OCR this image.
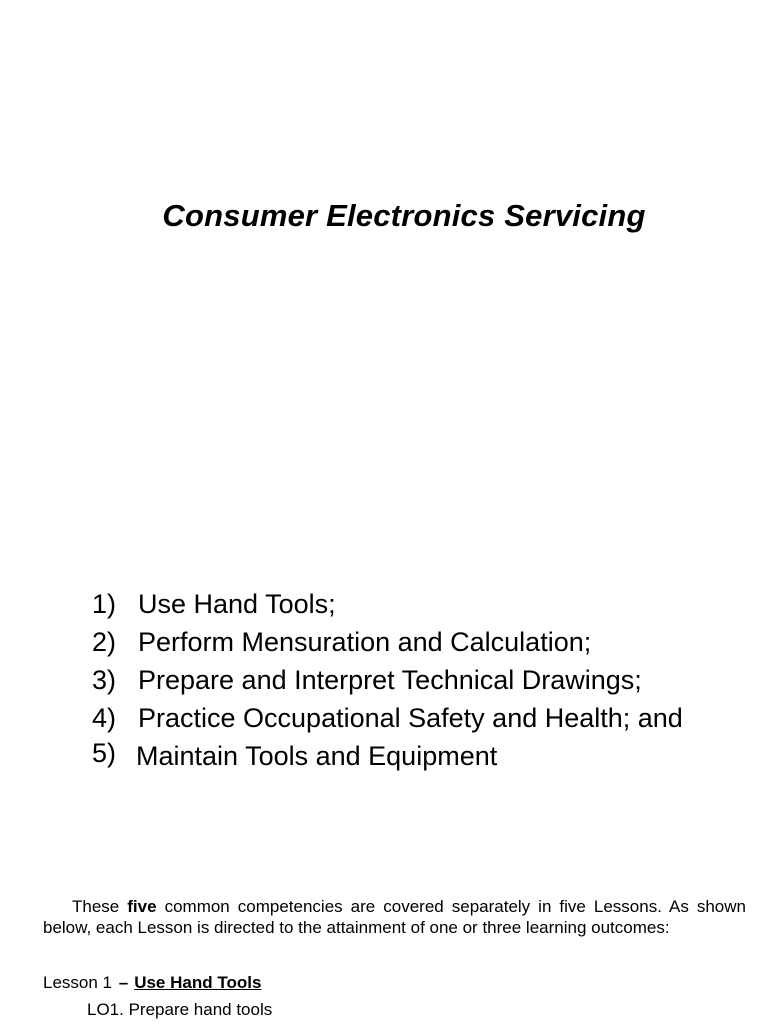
Consumer Electronics Servicing
1) Use Hand Tools;
2) Perform Mensuration and Calculation;
3) Prepare and Interpret Technical Drawings;
4) Practice Occupational Safety and Health; and
5) Maintain Tools and Equipment

These five common competencies are covered separately in five Lessons. As shown below, each Lesson is directed to the attainment of one or three learning outcomes:

Lesson 1 – Use Hand Tools
LO1. Prepare hand tools
